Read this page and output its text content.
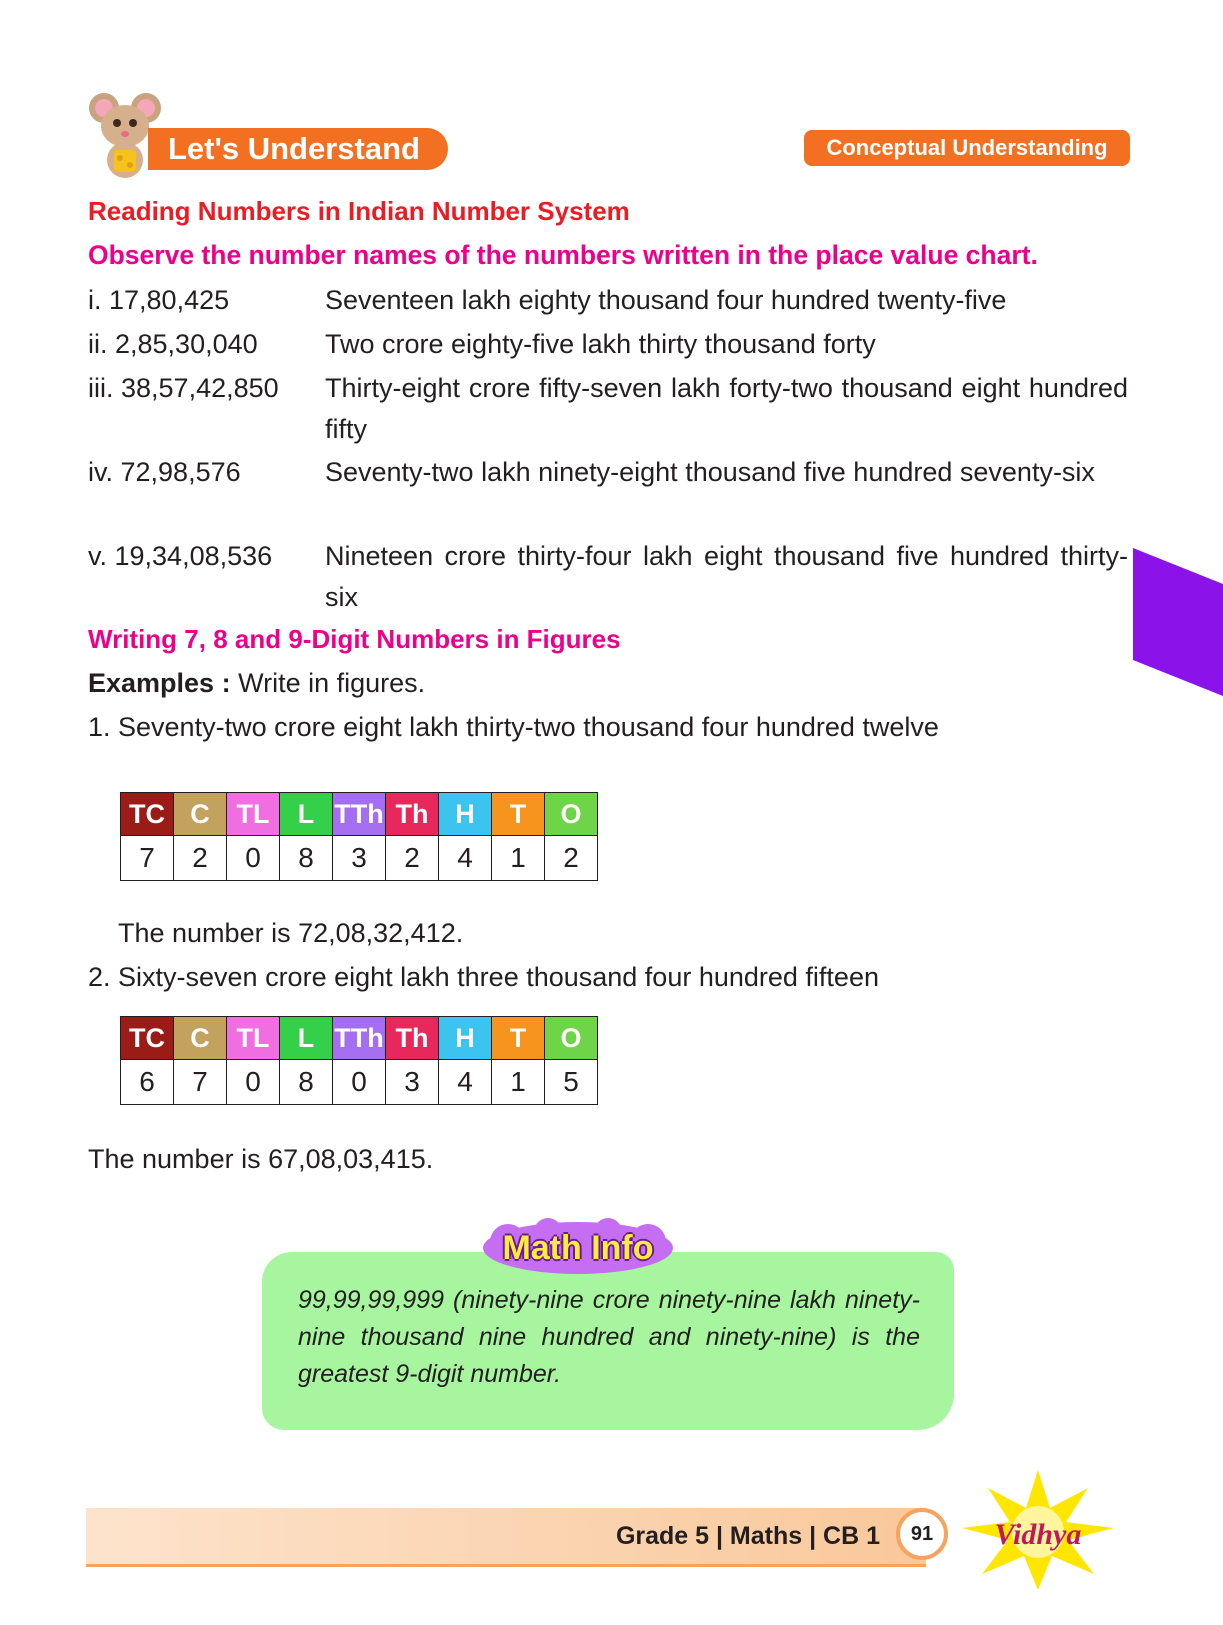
Let's Understand	Conceptual Understanding
Reading Numbers in Indian Number System
Observe the number names of the numbers written in the place value chart.
i. 17,80,425	Seventeen lakh eighty thousand four hundred twenty-five
ii. 2,85,30,040 Two crore eighty-five lakh thirty thousand forty
iii. 38,57,42,850 Thirty-eight crore fifty-seven lakh forty-two thousand eight hundred fifty
iv. 72,98,576	Seventy-two lakh ninety-eight thousand five hundred seventy-six
v. 19,34,08,536 Nineteen crore thirty-four lakh eight thousand five hundred thirty-six
Writing 7, 8 and 9-Digit Numbers in Figures
Examples : Write in figures.
1. Seventy-two crore eight lakh thirty-two thousand four hundred twelve
TC	C	TL	L	TTh	Th	H	T	O
7	2	0	8	3	2	4	1	2
The number is 72,08,32,412.
2. Sixty-seven crore eight lakh three thousand four hundred fifteen
TC	C	TL	L	TTh	Th	H	T	O
6	7	0	8	0	3	4	1	5
The number is 67,08,03,415.
Math Info
99,99,99,999 (ninety-nine crore ninety-nine lakh ninety-nine thousand nine hundred and ninety-nine) is the greatest 9-digit number.
Grade 5 | Maths | CB 1	91	Vidhya
